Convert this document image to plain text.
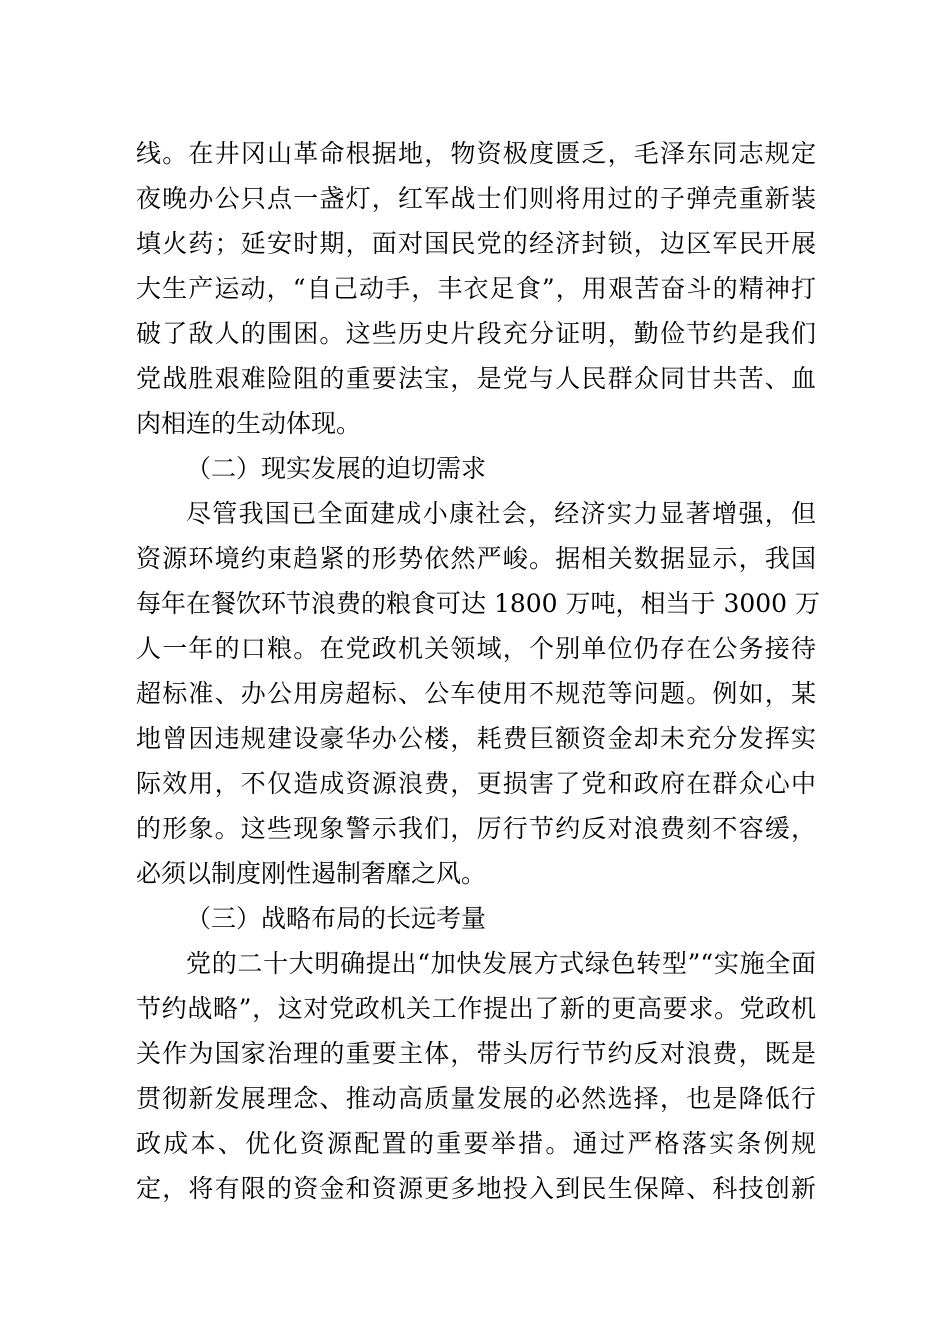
线。在井冈山革命根据地，物资极度匮乏，毛泽东同志规定
夜晚办公只点一盏灯，红军战士们则将用过的子弹壳重新装
填火药；延安时期，面对国民党的经济封锁，边区军民开展
大生产运动，“自己动手，丰衣足食”，用艰苦奋斗的精神打
破了敌人的围困。这些历史片段充分证明，勤俭节约是我们
党战胜艰难险阻的重要法宝，是党与人民群众同甘共苦、血
肉相连的生动体现。
（二）现实发展的迫切需求
尽管我国已全面建成小康社会，经济实力显著增强，但
资源环境约束趋紧的形势依然严峻。据相关数据显示，我国
每年在餐饮环节浪费的粮食可达 1800 万吨，相当于 3000 万
人一年的口粮。在党政机关领域，个别单位仍存在公务接待
超标准、办公用房超标、公车使用不规范等问题。例如，某
地曾因违规建设豪华办公楼，耗费巨额资金却未充分发挥实
际效用，不仅造成资源浪费，更损害了党和政府在群众心中
的形象。这些现象警示我们，厉行节约反对浪费刻不容缓，
必须以制度刚性遏制奢靡之风。
（三）战略布局的长远考量
党的二十大明确提出“加快发展方式绿色转型”“实施全面
节约战略”，这对党政机关工作提出了新的更高要求。党政机
关作为国家治理的重要主体，带头厉行节约反对浪费，既是
贯彻新发展理念、推动高质量发展的必然选择，也是降低行
政成本、优化资源配置的重要举措。通过严格落实条例规
定，将有限的资金和资源更多地投入到民生保障、科技创新
